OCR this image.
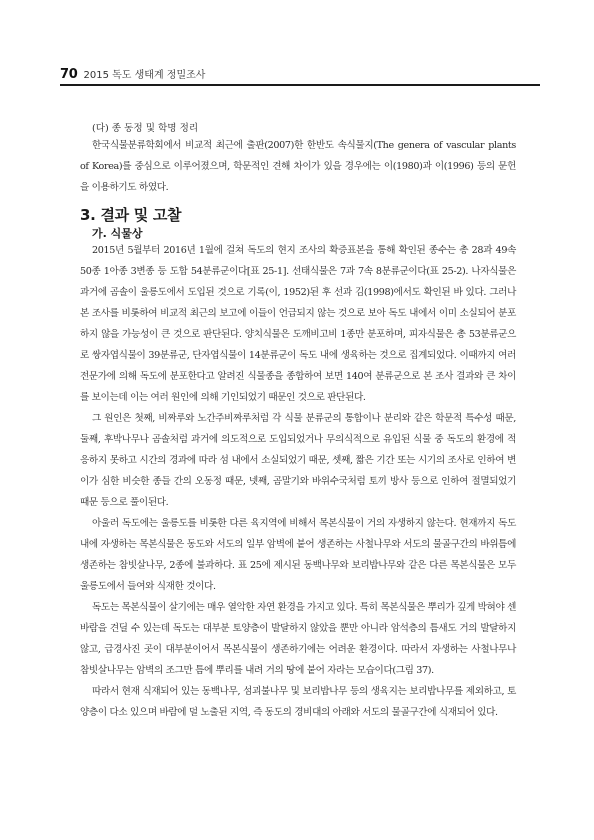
70 2015 독도 생태계 정밀조사
(다) 종 동정 및 학명 정리

한국식물분류학회에서 비교적 최근에 출판(2007)한 한반도 속식물지(The genera of vascular plants of Korea)를 중심으로 이루어졌으며, 학문적인 견해 차이가 있을 경우에는 이(1980)과 이(1996) 등의 문헌을 이용하기도 하였다.

3. 결과 및 고찰
가. 식물상

2015년 5월부터 2016년 1월에 걸쳐 독도의 현지 조사의 확증표본을 통해 확인된 종수는 총 28과 49속 50종 1아종 3변종 등 도합 54분류군이다[표 25-1]. 선태식물은 7과 7속 8분류군이다(표 25-2). 나자식물은 과거에 곰솔이 울릉도에서 도입된 것으로 기록(이, 1952)된 후 선과 김(1998)에서도 확인된 바 있다. 그러나 본 조사를 비롯하여 비교적 최근의 보고에 이들이 언급되지 않는 것으로 보아 독도 내에서 이미 소실되어 분포하지 않을 가능성이 큰 것으로 판단된다. 양치식물은 도깨비고비 1종만 분포하며, 피자식물은 총 53분류군으로 쌍자엽식물이 39분류군, 단자엽식물이 14분류군이 독도 내에 생육하는 것으로 집계되었다. 이때까지 여러 전문가에 의해 독도에 분포한다고 알려진 식물종을 종합하여 보면 140여 분류군으로 본 조사 결과와 큰 차이를 보이는데 이는 여러 원인에 의해 기인되었기 때문인 것으로 판단된다.

그 원인은 첫째, 비짜루와 노간주비짜루처럼 각 식물 분류군의 통합이나 분리와 같은 학문적 특수성 때문, 둘째, 후박나무나 곰솔처럼 과거에 의도적으로 도입되었거나 무의식적으로 유입된 식물 중 독도의 환경에 적응하지 못하고 시간의 경과에 따라 섬 내에서 소실되었기 때문, 셋째, 짧은 기간 또는 시기의 조사로 인하여 변이가 심한 비슷한 종들 간의 오동정 때문, 넷째, 곰말기와 바위수국처럼 토끼 방사 등으로 인하여 절멸되었기 때문 등으로 풀이된다.

아울러 독도에는 울릉도를 비롯한 다른 육지역에 비해서 목본식물이 거의 자생하지 않는다. 현재까지 독도 내에 자생하는 목본식물은 동도와 서도의 일부 암벽에 붙어 생존하는 사철나무와 서도의 물골구간의 바위틈에 생존하는 참빗살나무, 2종에 불과하다. 표 25에 제시된 동백나무와 보리밥나무와 같은 다른 목본식물은 모두 울릉도에서 들여와 식재한 것이다.

독도는 목본식물이 살기에는 매우 열악한 자연 환경을 가지고 있다. 특히 목본식물은 뿌리가 깊게 박혀야 센 바람을 견딜 수 있는데 독도는 대부분 토양층이 발달하지 않았을 뿐만 아니라 암석층의 틈새도 거의 발달하지 않고, 급경사진 곳이 대부분이어서 목본식물이 생존하기에는 어려운 환경이다. 따라서 자생하는 사철나무나 참빗살나무는 암벽의 조그만 틈에 뿌리를 내려 거의 땅에 붙어 자라는 모습이다(그림 37).

따라서 현재 식재되어 있는 동백나무, 섬괴불나무 및 보리밥나무 등의 생육지는 보리밥나무를 제외하고, 토양층이 다소 있으며 바람에 덜 노출된 지역, 즉 동도의 경비대의 아래와 서도의 물골구간에 식재되어 있다.
